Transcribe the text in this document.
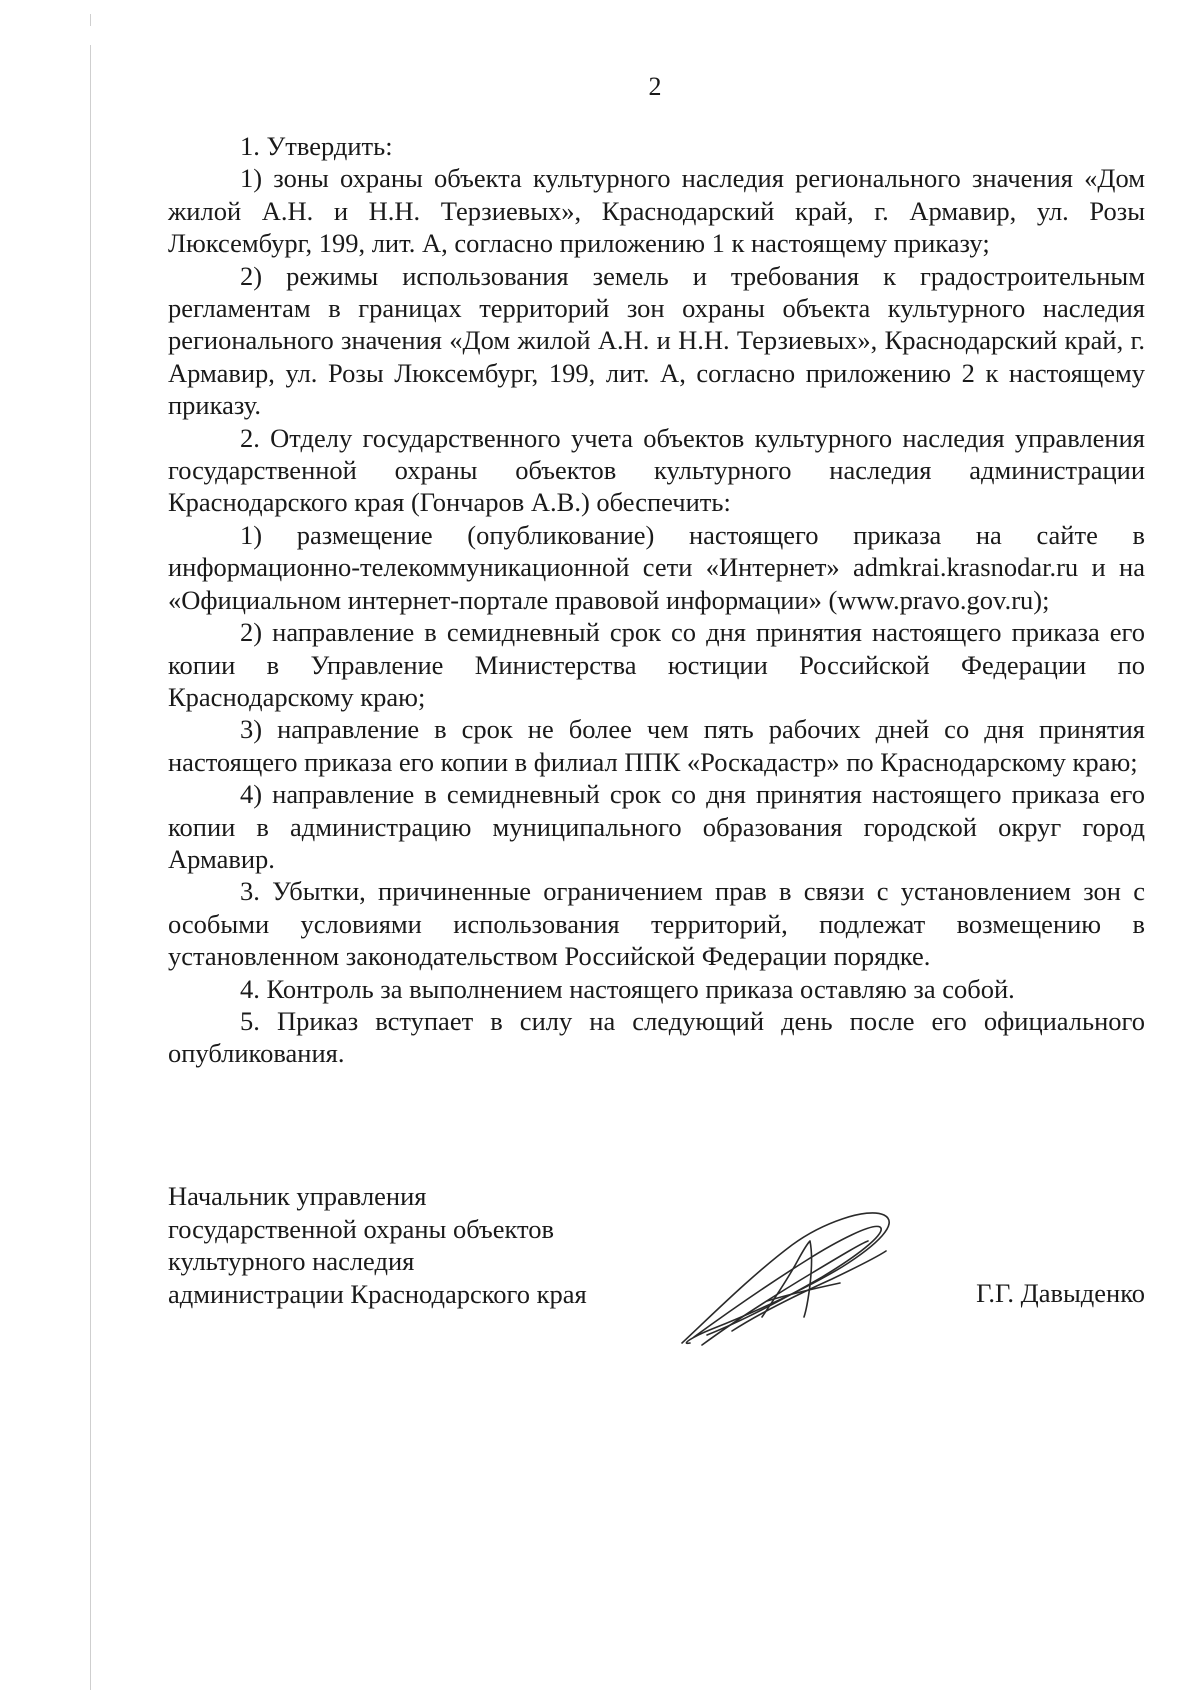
2

1. Утвердить:

1) зоны охраны объекта культурного наследия регионального значения «Дом жилой А.Н. и Н.Н. Терзиевых», Краснодарский край, г. Армавир, ул. Розы Люксембург, 199, лит. А, согласно приложению 1 к настоящему приказу;

2) режимы использования земель и требования к градостроительным регламентам в границах территорий зон охраны объекта культурного наследия регионального значения «Дом жилой А.Н. и Н.Н. Терзиевых», Краснодарский край, г. Армавир, ул. Розы Люксембург, 199, лит. А, согласно приложению 2 к настоящему приказу.

2. Отделу государственного учета объектов культурного наследия управления государственной охраны объектов культурного наследия администрации Краснодарского края (Гончаров А.В.) обеспечить:

1) размещение (опубликование) настоящего приказа на сайте в информационно-телекоммуникационной сети «Интернет» admkrai.krasnodar.ru и на «Официальном интернет-портале правовой информации» (www.pravo.gov.ru);

2) направление в семидневный срок со дня принятия настоящего приказа его копии в Управление Министерства юстиции Российской Федерации по Краснодарскому краю;

3) направление в срок не более чем пять рабочих дней со дня принятия настоящего приказа его копии в филиал ППК «Роскадастр» по Краснодарскому краю;

4) направление в семидневный срок со дня принятия настоящего приказа его копии в администрацию муниципального образования городской округ город Армавир.

3. Убытки, причиненные ограничением прав в связи с установлением зон с особыми условиями использования территорий, подлежат возмещению в установленном законодательством Российской Федерации порядке.

4. Контроль за выполнением настоящего приказа оставляю за собой.

5. Приказ вступает в силу на следующий день после его официального опубликования.

Начальник управления
государственной охраны объектов
культурного наследия
администрации Краснодарского края	Г.Г. Давыденко
